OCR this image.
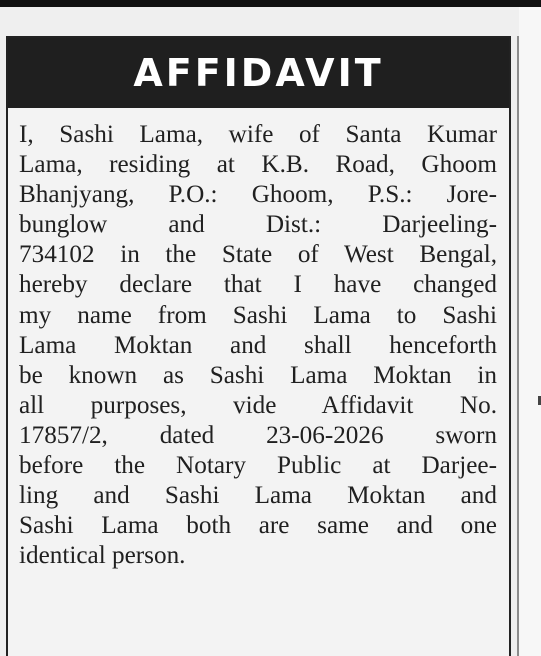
AFFIDAVIT
I, Sashi Lama, wife of Santa Kumar
Lama, residing at K.B. Road, Ghoom
Bhanjyang, P.O.: Ghoom, P.S.: Jore-
bunglow and Dist.: Darjeeling-
734102 in the State of West Bengal,
hereby declare that I have changed
my name from Sashi Lama to Sashi
Lama Moktan and shall henceforth
be known as Sashi Lama Moktan in
all purposes, vide Affidavit No.
17857/2, dated 23-06-2026 sworn
before the Notary Public at Darjee-
ling and Sashi Lama Moktan and
Sashi Lama both are same and one
identical person.
